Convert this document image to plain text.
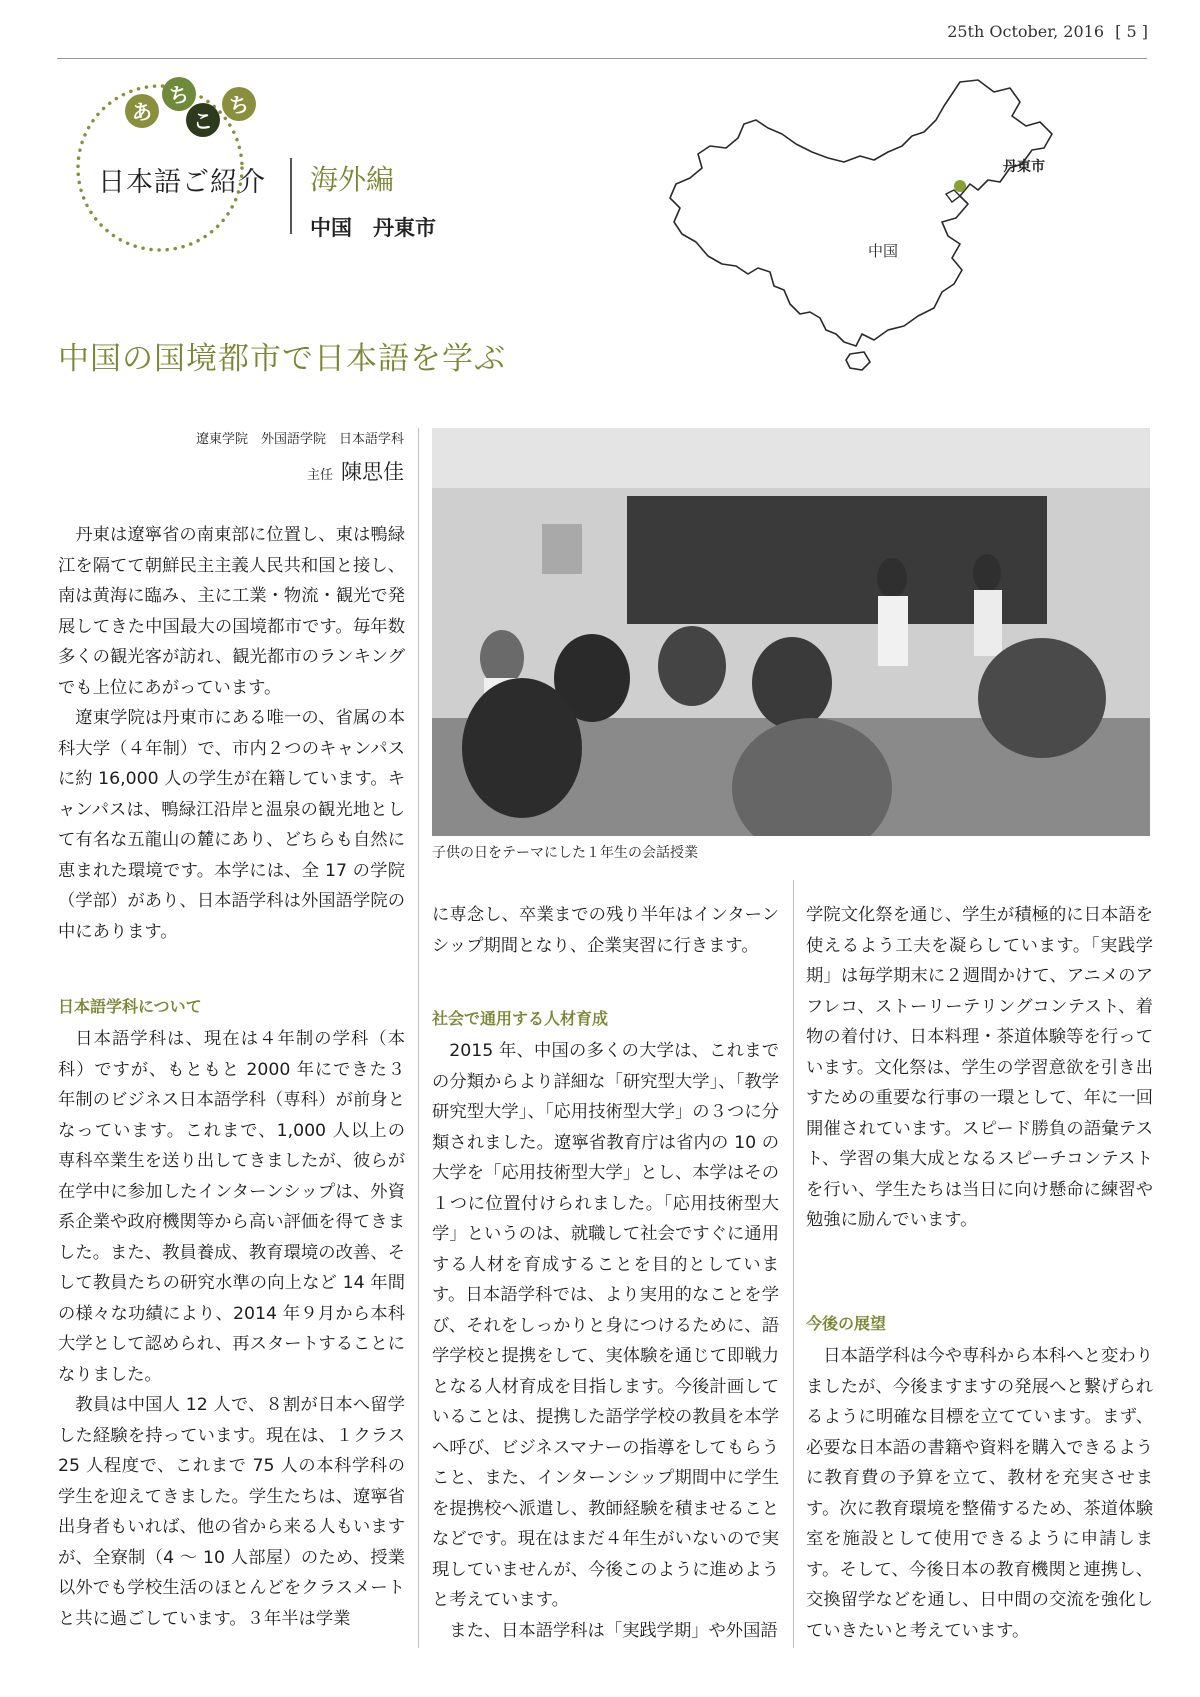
25th October, 2016 [ 5 ]
あ
ち
こ
ち
日本語ご紹介 海外編
中国　丹東市
丹東市
中国
中国の国境都市で日本語を学ぶ
遼東学院　外国語学院　日本語学科
主任 陳思佳
子供の日をテーマにした１年生の会話授業

丹東は遼寧省の南東部に位置し、東は鴨緑江を隔てて朝鮮民主主義人民共和国と接し、南は黄海に臨み、主に工業・物流・観光で発展してきた中国最大の国境都市です。毎年数多くの観光客が訪れ、観光都市のランキングでも上位にあがっています。

遼東学院は丹東市にある唯一の、省属の本科大学（４年制）で、市内２つのキャンパスに約 16,000 人の学生が在籍しています。キャンパスは、鴨緑江沿岸と温泉の観光地として有名な五龍山の麓にあり、どちらも自然に恵まれた環境です。本学には、全 17 の学院（学部）があり、日本語学科は外国語学院の中にあります。

日本語学科について

日本語学科は、現在は４年制の学科（本科）ですが、もともと 2000 年にできた３年制のビジネス日本語学科（専科）が前身となっています。これまで、1,000 人以上の専科卒業生を送り出してきましたが、彼らが在学中に参加したインターンシップは、外資系企業や政府機関等から高い評価を得てきました。また、教員養成、教育環境の改善、そして教員たちの研究水準の向上など 14 年間の様々な功績により、2014 年９月から本科大学として認められ、再スタートすることになりました。

教員は中国人 12 人で、８割が日本へ留学した経験を持っています。現在は、１クラス 25 人程度で、これまで 75 人の本科学科の学生を迎えてきました。学生たちは、遼寧省出身者もいれば、他の省から来る人もいますが、全寮制（4 ～ 10 人部屋）のため、授業以外でも学校生活のほとんどをクラスメートと共に過ごしています。３年半は学業

に専念し、卒業までの残り半年はインターンシップ期間となり、企業実習に行きます。

社会で通用する人材育成

2015 年、中国の多くの大学は、これまでの分類からより詳細な「研究型大学」、「教学研究型大学」、「応用技術型大学」の３つに分類されました。遼寧省教育庁は省内の 10 の大学を「応用技術型大学」とし、本学はその１つに位置付けられました。「応用技術型大学」というのは、就職して社会ですぐに通用する人材を育成することを目的としています。日本語学科では、より実用的なことを学び、それをしっかりと身につけるために、語学学校と提携をして、実体験を通じて即戦力となる人材育成を目指します。今後計画していることは、提携した語学学校の教員を本学へ呼び、ビジネスマナーの指導をしてもらうこと、また、インターンシップ期間中に学生を提携校へ派遣し、教師経験を積ませることなどです。現在はまだ４年生がいないので実現していませんが、今後このように進めようと考えています。

また、日本語学科は「実践学期」や外国語

学院文化祭を通じ、学生が積極的に日本語を使えるよう工夫を凝らしています。「実践学期」は毎学期末に２週間かけて、アニメのアフレコ、ストーリーテリングコンテスト、着物の着付け、日本料理・茶道体験等を行っています。文化祭は、学生の学習意欲を引き出すための重要な行事の一環として、年に一回開催されています。スピード勝負の語彙テスト、学習の集大成となるスピーチコンテストを行い、学生たちは当日に向け懸命に練習や勉強に励んでいます。

今後の展望

日本語学科は今や専科から本科へと変わりましたが、今後ますますの発展へと繋げられるように明確な目標を立てています。まず、必要な日本語の書籍や資料を購入できるように教育費の予算を立て、教材を充実させます。次に教育環境を整備するため、茶道体験室を施設として使用できるように申請します。そして、今後日本の教育機関と連携し、交換留学などを通し、日中間の交流を強化していきたいと考えています。
